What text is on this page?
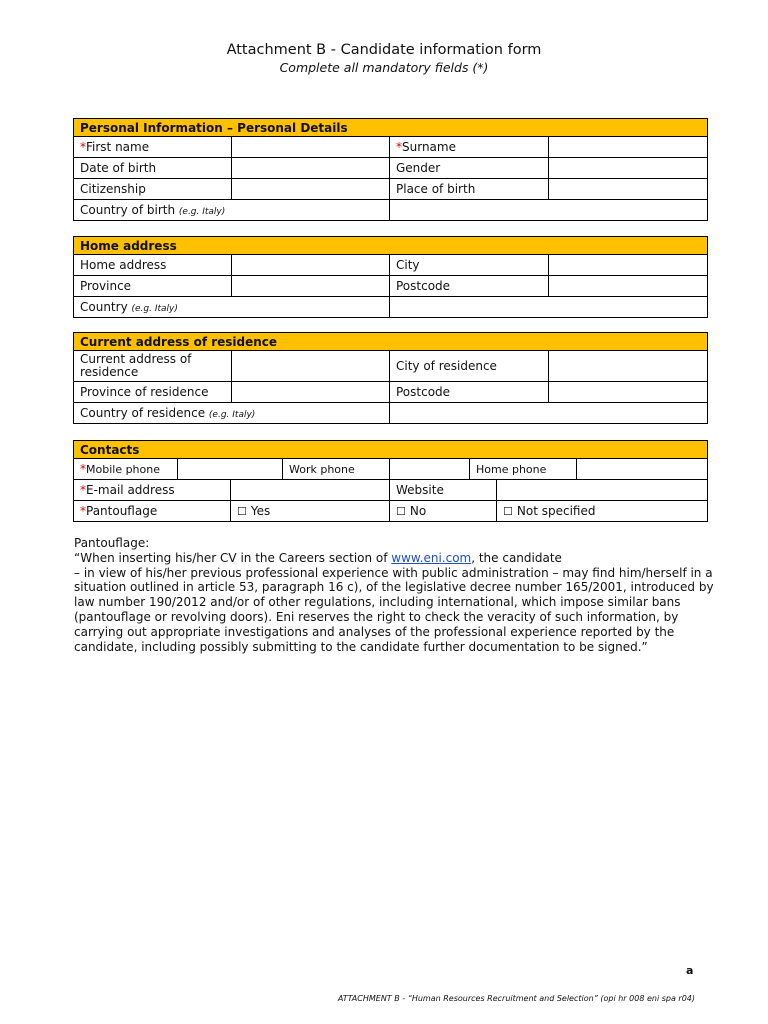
Attachment B - Candidate information form
Complete all mandatory fields (*)
Personal Information – Personal Details			
*First name		*Surname	
Date of birth		Gender	
Citizenship		Place of birth	
Country of birth (e.g. Italy)			
Home address			
Home address		City	
Province		Postcode	
Country (e.g. Italy)			
Current address of residence			
Current address of residence		City of residence	
Province of residence		Postcode	
Country of residence (e.g. Italy)			
Contacts							
*Mobile phone			Work phone		Home phone		
*E-mail address				Website			
*Pantouflage		☐ Yes		☐ No		☐ Not specified	

Pantouflage:

“When inserting his/her CV in the Careers section of www.eni.com, the candidate

– in view of his/her previous professional experience with public administration – may find him/herself in a situation outlined in article 53, paragraph 16 c), of the legislative decree number 165/2001, introduced by law number 190/2012 and/or of other regulations, including international, which impose similar bans (pantouflage or revolving doors). Eni reserves the right to check the veracity of such information, by carrying out appropriate investigations and analyses of the professional experience reported by the candidate, including possibly submitting to the candidate further documentation to be signed.”

a
ATTACHMENT B - “Human Resources Recruitment and Selection” (opi hr 008 eni spa r04)
